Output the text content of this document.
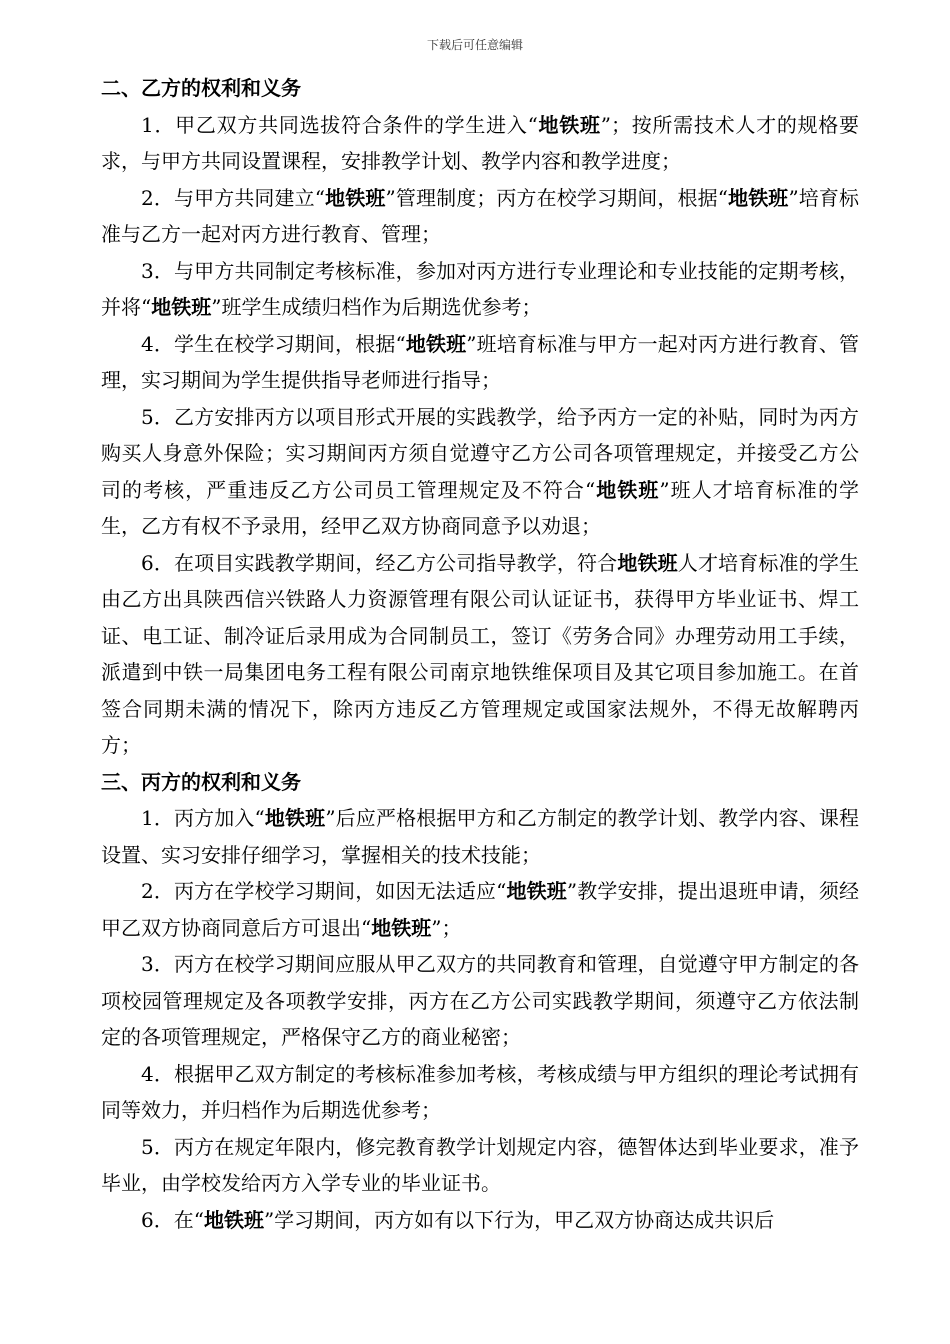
下载后可任意编辑

二、乙方的权利和义务

1．甲乙双方共同选拔符合条件的学生进入“地铁班”；按所需技术人才的规格要求，与甲方共同设置课程，安排教学计划、教学内容和教学进度；

2．与甲方共同建立“地铁班”管理制度；丙方在校学习期间，根据“地铁班”培育标准与乙方一起对丙方进行教育、管理；

3．与甲方共同制定考核标准，参加对丙方进行专业理论和专业技能的定期考核，并将“地铁班”班学生成绩归档作为后期选优参考；

4．学生在校学习期间，根据“地铁班”班培育标准与甲方一起对丙方进行教育、管理，实习期间为学生提供指导老师进行指导；

5．乙方安排丙方以项目形式开展的实践教学，给予丙方一定的补贴，同时为丙方购买人身意外保险；实习期间丙方须自觉遵守乙方公司各项管理规定，并接受乙方公司的考核，严重违反乙方公司员工管理规定及不符合“地铁班”班人才培育标准的学生，乙方有权不予录用，经甲乙双方协商同意予以劝退；

6．在项目实践教学期间，经乙方公司指导教学，符合地铁班人才培育标准的学生由乙方出具陕西信兴铁路人力资源管理有限公司认证证书，获得甲方毕业证书、焊工证、电工证、制冷证后录用成为合同制员工，签订《劳务合同》办理劳动用工手续，派遣到中铁一局集团电务工程有限公司南京地铁维保项目及其它项目参加施工。在首签合同期未满的情况下，除丙方违反乙方管理规定或国家法规外，不得无故解聘丙方；

三、丙方的权利和义务

1．丙方加入“地铁班”后应严格根据甲方和乙方制定的教学计划、教学内容、课程设置、实习安排仔细学习，掌握相关的技术技能；

2．丙方在学校学习期间，如因无法适应“地铁班”教学安排，提出退班申请，须经甲乙双方协商同意后方可退出“地铁班”；

3．丙方在校学习期间应服从甲乙双方的共同教育和管理，自觉遵守甲方制定的各项校园管理规定及各项教学安排，丙方在乙方公司实践教学期间，须遵守乙方依法制定的各项管理规定，严格保守乙方的商业秘密；

4．根据甲乙双方制定的考核标准参加考核，考核成绩与甲方组织的理论考试拥有同等效力，并归档作为后期选优参考；

5．丙方在规定年限内，修完教育教学计划规定内容，德智体达到毕业要求，准予毕业，由学校发给丙方入学专业的毕业证书。

6．在“地铁班”学习期间，丙方如有以下行为，甲乙双方协商达成共识后
